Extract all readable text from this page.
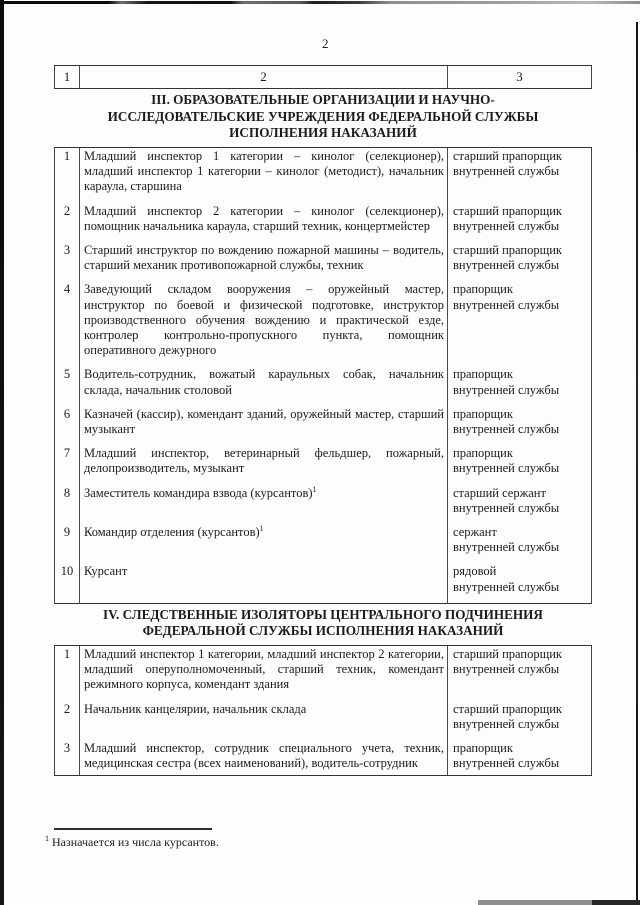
2
1	2	3

III. ОБРАЗОВАТЕЛЬНЫЕ ОРГАНИЗАЦИИ И НАУЧНО-
ИССЛЕДОВАТЕЛЬСКИЕ УЧРЕЖДЕНИЯ ФЕДЕРАЛЬНОЙ СЛУЖБЫ
ИСПОЛНЕНИЯ НАКАЗАНИЙ		

1	Младший инспектор 1 категории – кинолог (селекционер), младший инспектор 1 категории – кинолог (методист), начальник караула, старшина	старший прапорщик
внутренней службы

2	Младший инспектор 2 категории – кинолог (селекционер), помощник начальника караула, старший техник, концертмейстер	старший прапорщик
внутренней службы

3	Старший инструктор по вождению пожарной машины – водитель, старший механик противопожарной службы, техник	старший прапорщик
внутренней службы

4	Заведующий складом вооружения – оружейный мастер, инструктор по боевой и физической подготовке, инструктор производственного обучения вождению и практической езде, контролер контрольно-пропускного пункта, помощник оперативного дежурного	прапорщик
внутренней службы

5	Водитель-сотрудник, вожатый караульных собак, начальник склада, начальник столовой	прапорщик
внутренней службы

6	Казначей (кассир), комендант зданий, оружейный мастер, старший музыкант	прапорщик
внутренней службы

7	Младший инспектор, ветеринарный фельдшер, пожарный, делопроизводитель, музыкант	прапорщик
внутренней службы

8	Заместитель командира взвода (курсантов)$^1$	старший сержант
внутренней службы

9	Командир отделения (курсантов)$^1$	сержант
внутренней службы

10	Курсант	рядовой
внутренней службы

IV. СЛЕДСТВЕННЫЕ ИЗОЛЯТОРЫ ЦЕНТРАЛЬНОГО ПОДЧИНЕНИЯ
ФЕДЕРАЛЬНОЙ СЛУЖБЫ ИСПОЛНЕНИЯ НАКАЗАНИЙ		

1	Младший инспектор 1 категории, младший инспектор 2 категории, младший оперуполномоченный, старший техник, комендант режимного корпуса, комендант здания	старший прапорщик
внутренней службы

2	Начальник канцелярии, начальник склада	старший прапорщик
внутренней службы

3	Младший инспектор, сотрудник специального учета, техник, медицинская сестра (всех наименований), водитель-сотрудник	прапорщик
внутренней службы
$^1$ Назначается из числа курсантов.
